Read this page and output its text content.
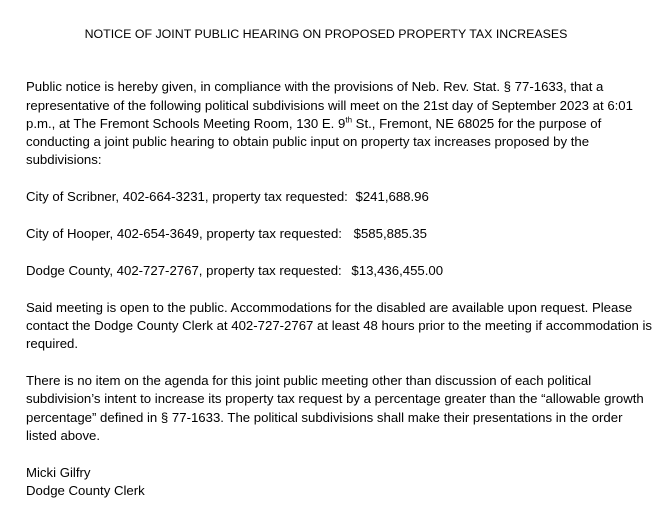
NOTICE OF JOINT PUBLIC HEARING ON PROPOSED PROPERTY TAX INCREASES

Public notice is hereby given, in compliance with the provisions of Neb. Rev. Stat. § 77-1633, that a representative of the following political subdivisions will meet on the 21st day of September 2023 at 6:01 p.m., at The Fremont Schools Meeting Room, 130 E. 9th St., Fremont, NE 68025 for the purpose of conducting a joint public hearing to obtain public input on property tax increases proposed by the subdivisions:

City of Scribner, 402-664-3231, property tax requested: $241,688.96
City of Hooper, 402-654-3649, property tax requested: $585,885.35
Dodge County, 402-727-2767, property tax requested: $13,436,455.00

Said meeting is open to the public. Accommodations for the disabled are available upon request. Please contact the Dodge County Clerk at 402-727-2767 at least 48 hours prior to the meeting if accommodation is required.

There is no item on the agenda for this joint public meeting other than discussion of each political subdivision’s intent to increase its property tax request by a percentage greater than the “allowable growth percentage” defined in § 77-1633. The political subdivisions shall make their presentations in the order listed above.

Micki Gilfry

Dodge County Clerk
